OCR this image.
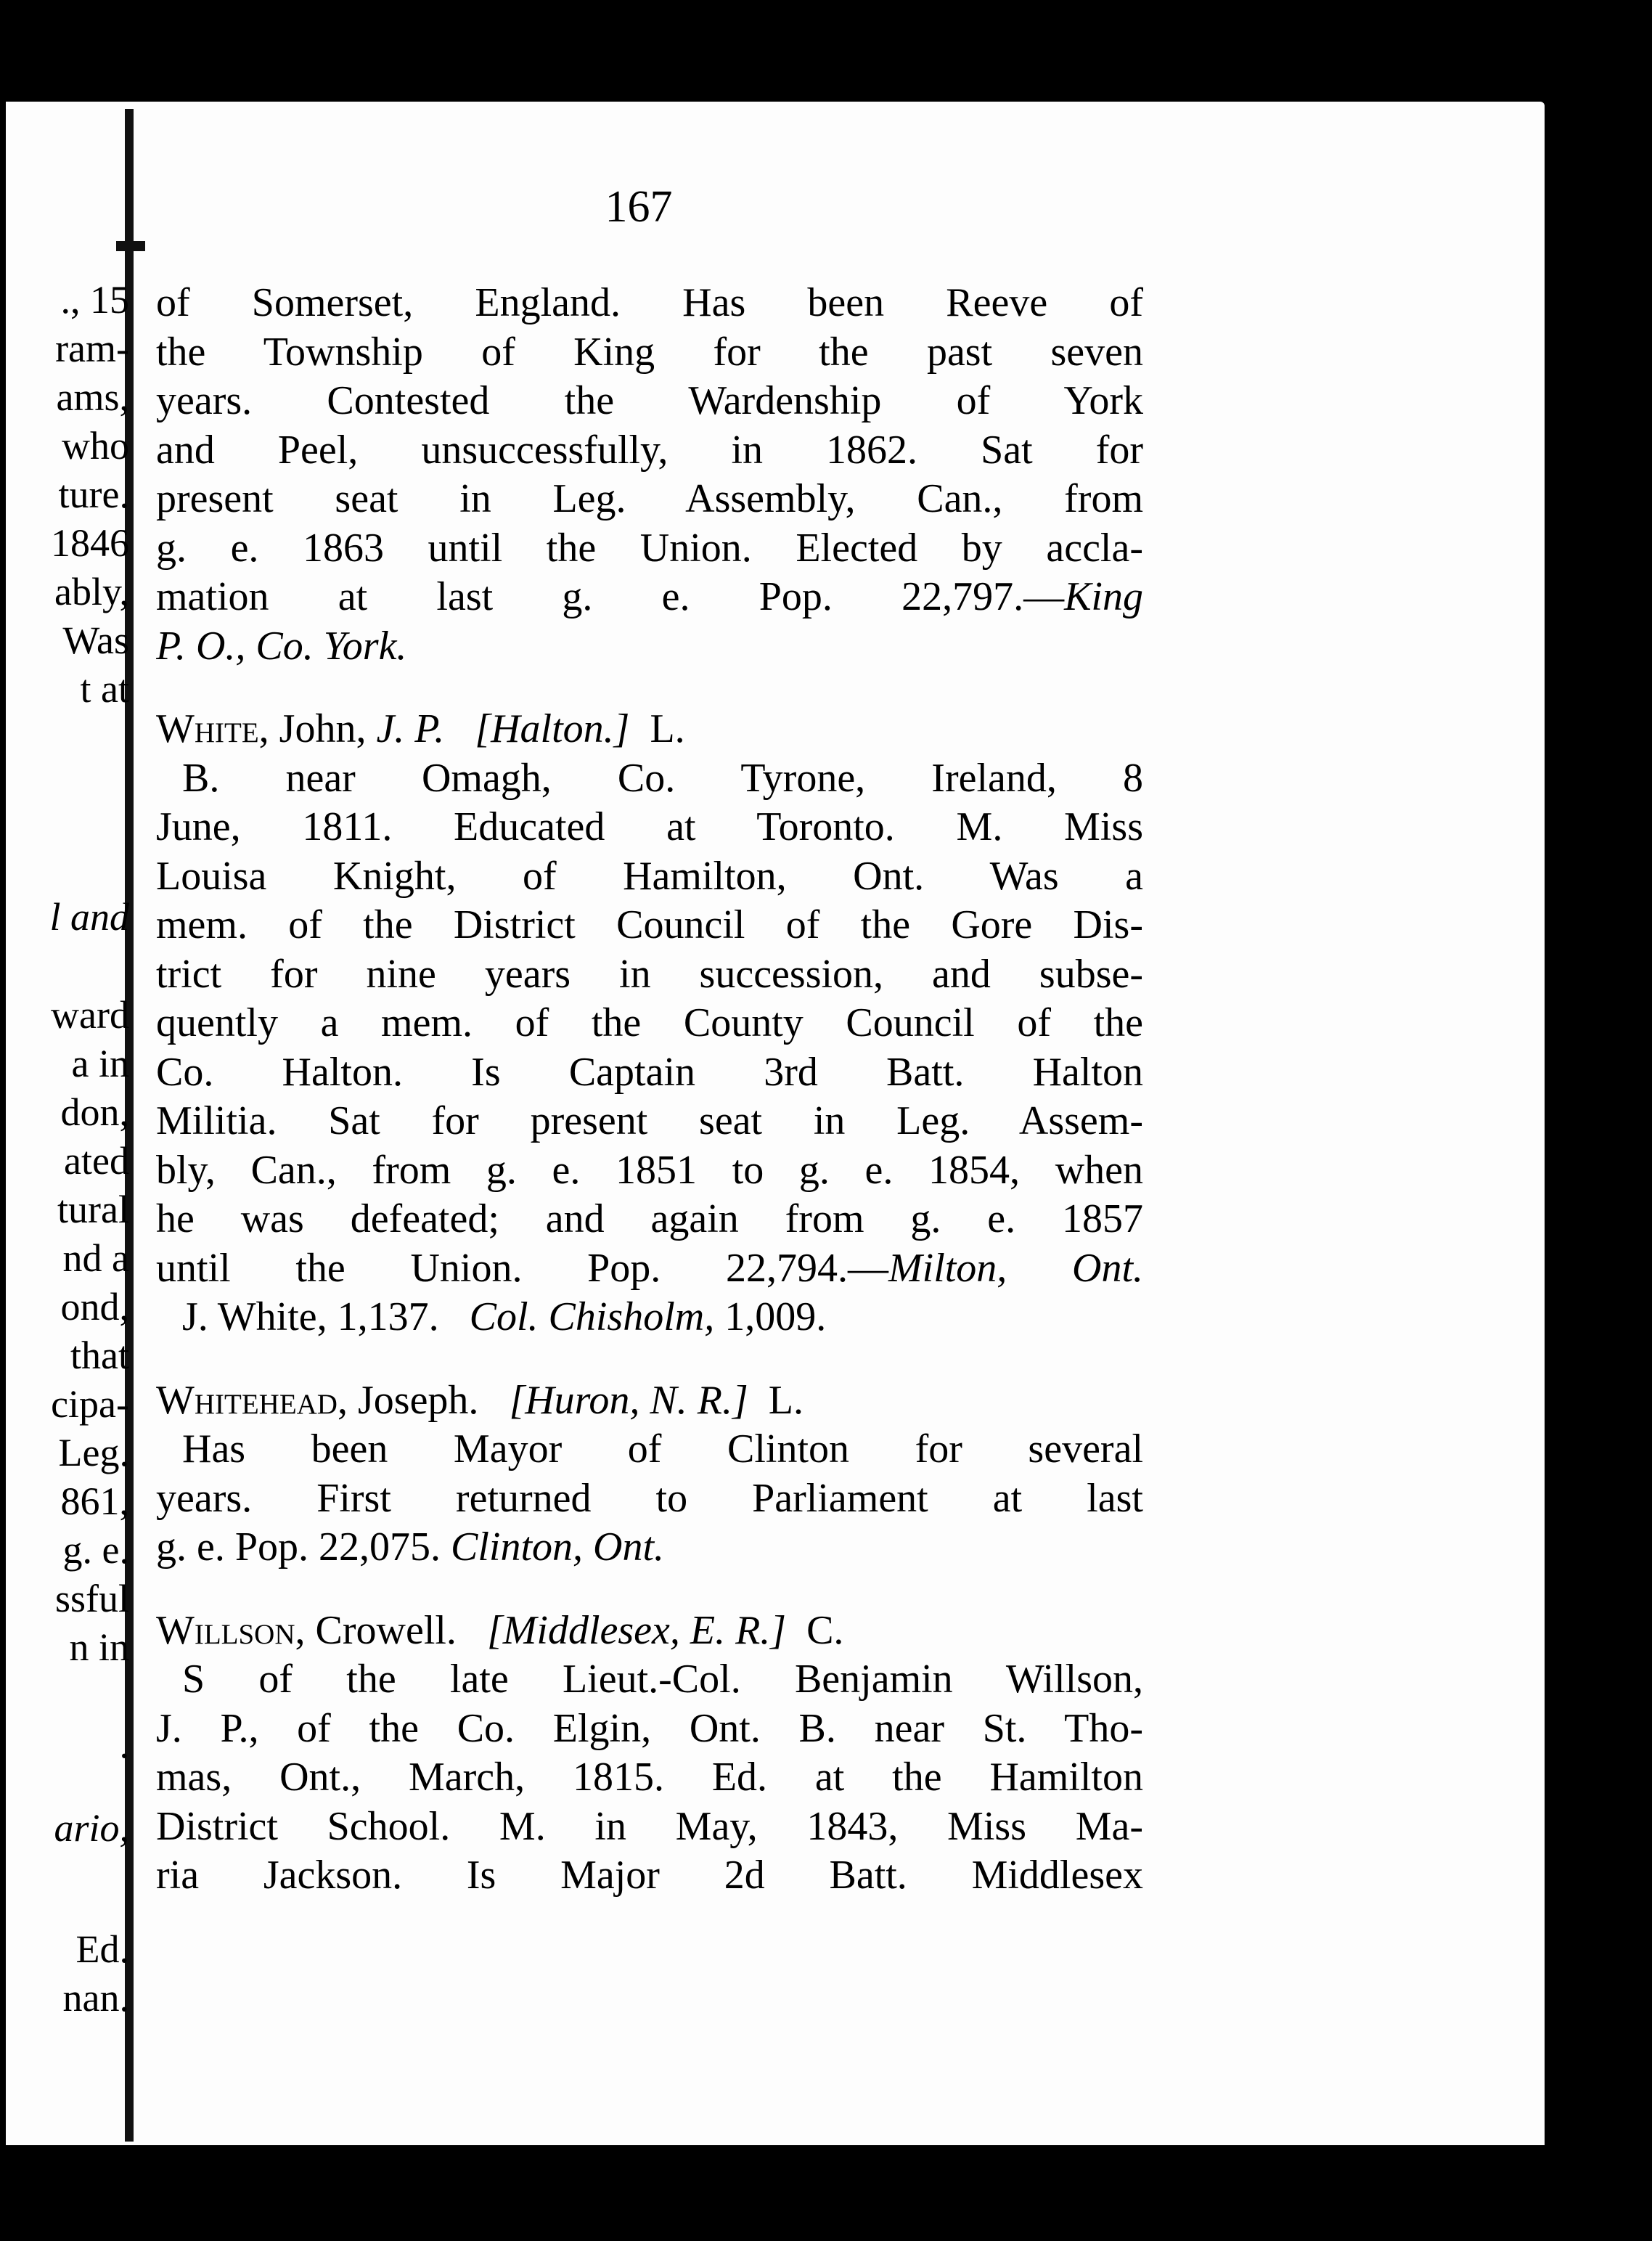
., 15
ram-
ams,
who
ture.
1846
ably,
Was
t at
l and
ward
a in
don,
ated
tural
nd a
ond,
that
cipa-
Leg.
861,
g. e.
ssful
n in
.
ario,
Ed.
nan.
167
of Somerset, England. Has been Reeve of
the Township of King for the past seven
years. Contested the Wardenship of York
and Peel, unsuccessfully, in 1862. Sat for
present seat in Leg. Assembly, Can., from
g. e. 1863 until the Union. Elected by accla-
mation at last g. e. Pop. 22,797.—King
P. O., Co. York.
White, John, J. P. [Halton.] L.
B. near Omagh, Co. Tyrone, Ireland, 8
June, 1811. Educated at Toronto. M. Miss
Louisa Knight, of Hamilton, Ont. Was a
mem. of the District Council of the Gore Dis-
trict for nine years in succession, and subse-
quently a mem. of the County Council of the
Co. Halton. Is Captain 3rd Batt. Halton
Militia. Sat for present seat in Leg. Assem-
bly, Can., from g. e. 1851 to g. e. 1854, when
he was defeated; and again from g. e. 1857
until the Union. Pop. 22,794.—Milton, Ont.
J. White, 1,137. Col. Chisholm, 1,009.
Whitehead, Joseph.   [Huron, N. R.] L.
Has been Mayor of Clinton for several
years. First returned to Parliament at last
g. e. Pop. 22,075. Clinton, Ont.
Willson, Crowell.   [Middlesex, E. R.] C.
S of the late Lieut.-Col. Benjamin Willson,
J. P., of the Co. Elgin, Ont. B. near St. Tho-
mas, Ont., March, 1815. Ed. at the Hamilton
District School. M. in May, 1843, Miss Ma-
ria Jackson. Is Major 2d Batt. Middlesex
